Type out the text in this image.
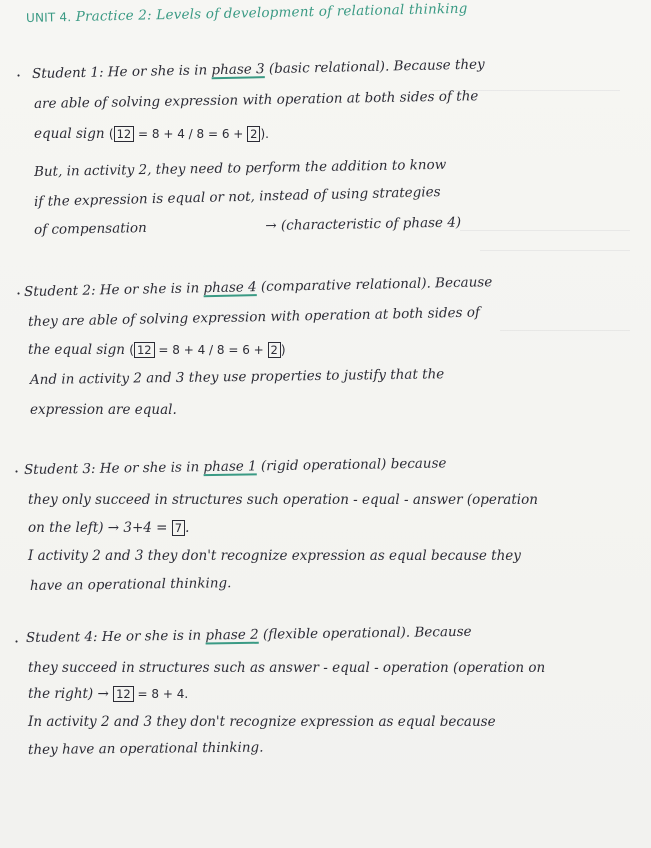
UNIT 4. Practice 2: Levels of development of relational thinking
· Student 1: He or she is in phase 3 (basic relational). Because they
are able of solving expression with operation at both sides of the
equal sign ( 12 = 8 + 4 / 8 = 6 + 2 ).
But, in activity 2, they need to perform the addition to know
if the expression is equal or not, instead of using strategies
of compensation	→ (characteristic of phase 4)
· Student 2: He or she is in phase 4 (comparative relational). Because
they are able of solving expression with operation at both sides of
the equal sign ( 12 = 8 + 4 / 8 = 6 + 2 )
And in activity 2 and 3 they use properties to justify that the
expression are equal.
· Student 3: He or she is in phase 1 (rigid operational) because
they only succeed in structures such operation - equal - answer (operation
on the left) → 3+4 = 7 .
I activity 2 and 3 they don't recognize expression as equal because they
have an operational thinking.
· Student 4: He or she is in phase 2 (flexible operational). Because
they succeed in structures such as answer - equal - operation (operation on
the right) → 12 = 8 + 4.
In activity 2 and 3 they don't recognize expression as equal because
they have an operational thinking.
